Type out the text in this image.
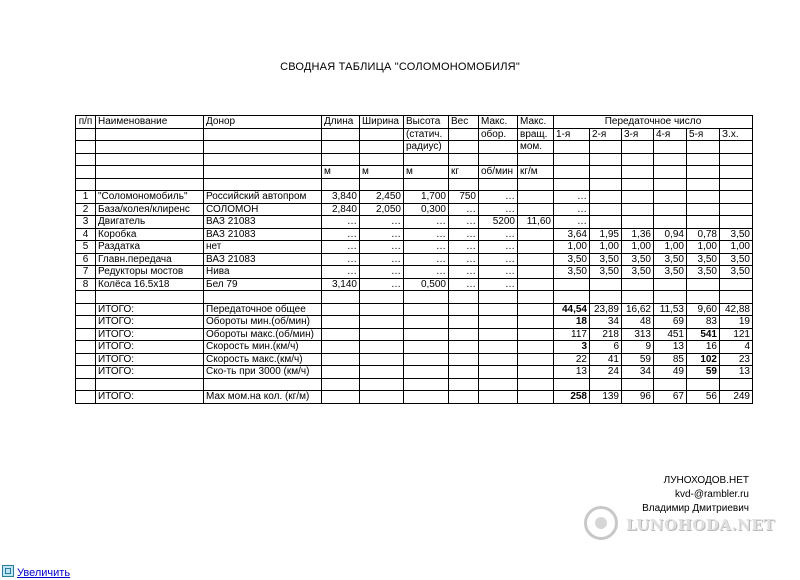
СВОДНАЯ ТАБЛИЦА "СОЛОМОНОМОБИЛЯ"
п/п	Наименование	Донор	Длина	Ширина	Высота	Вес	Макс.	Макс.	Передаточное число					
					(статич.		обор.	вращ.	1-я	2-я	3-я	4-я	5-я	З.х.
					радиус)			мом.						

			м	м	м	кг	об/мин	кг/м						

1	"Соломономобиль"	Российский автопром	3,840	2,450	1,700	750	…		…					
2	База/колея/клиренс	СОЛОМОН	2,840	2,050	0,300	…	…		…					
3	Двигатель	ВАЗ 21083	…	…	…	…	5200	11,60	…					
4	Коробка	ВАЗ 21083	…	…	…	…	…		3,64	1,95	1,36	0,94	0,78	3,50
5	Раздатка	нет	…	…	…	…	…		1,00	1,00	1,00	1,00	1,00	1,00
6	Главн.передача	ВАЗ 21083	…	…	…	…	…		3,50	3,50	3,50	3,50	3,50	3,50
7	Редукторы мостов	Нива	…	…	…	…	…		3,50	3,50	3,50	3,50	3,50	3,50
8	Колёса 16.5х18	Бел 79	3,140	…	0,500	…	…							

	ИТОГО:	Передаточное общее							44,54	23,89	16,62	11,53	9,60	42,88
	ИТОГО:	Обороты мин.(об/мин)							18	34	48	69	83	19
	ИТОГО:	Обороты макс.(об/мин)							117	218	313	451	541	121
	ИТОГО:	Скорость мин.(км/ч)							3	6	9	13	16	4
	ИТОГО:	Скорость макс.(км/ч)							22	41	59	85	102	23
	ИТОГО:	Ско-ть при 3000 (км/ч)							13	24	34	49	59	13

	ИТОГО:	Мах мом.на кол. (кг/м)							258	139	96	67	56	249
ЛУНОХОДОВ.НЕТ
kvd-@rambler.ru
Владимир Дмитриевич
LUNOHODA.NET
Увеличить
